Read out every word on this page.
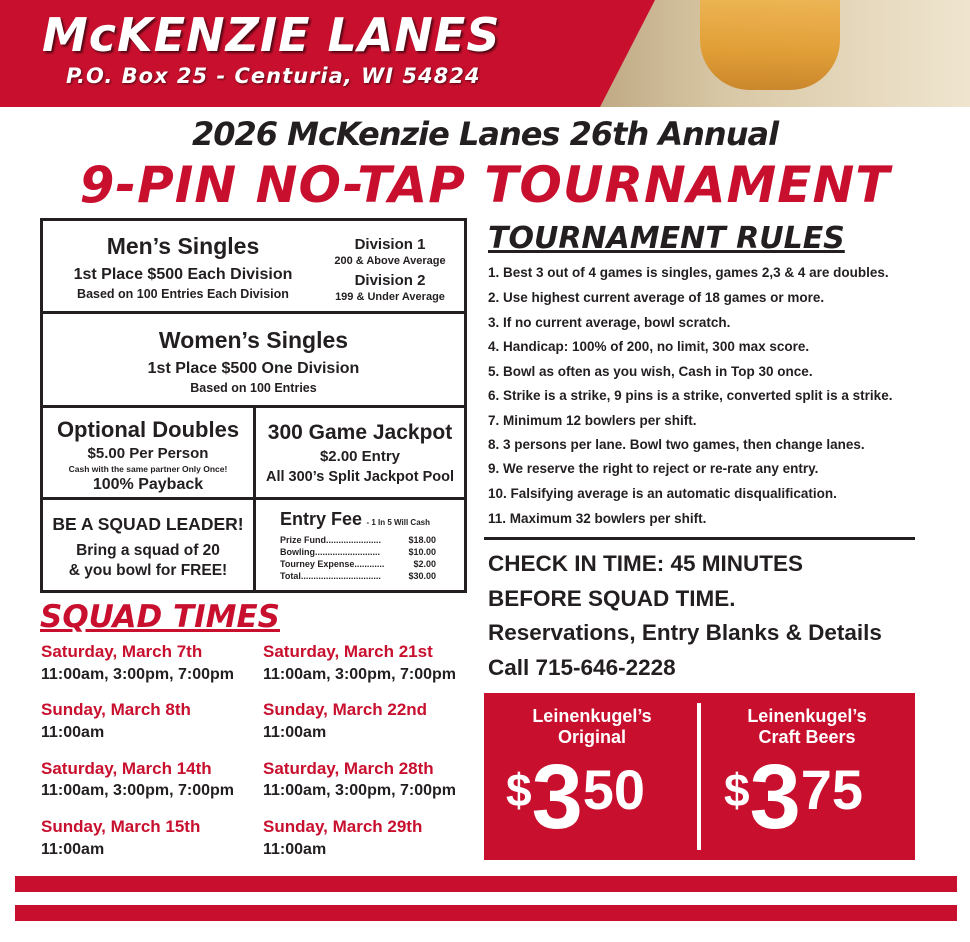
McKENZIE LANES
P.O. Box 25 - Centuria, WI 54824
2026 McKenzie Lanes 26th Annual
9-PIN NO-TAP TOURNAMENT
Men’s Singles
1st Place $500 Each Division
Based on 100 Entries Each Division
Division 1
200 & Above Average
Division 2
199 & Under Average
Women’s Singles
1st Place $500 One Division
Based on 100 Entries
Optional Doubles
$5.00 Per Person
Cash with the same partner Only Once!
100% Payback
300 Game Jackpot
$2.00 Entry
All 300’s Split Jackpot Pool
BE A SQUAD LEADER!
Bring a squad of 20
& you bowl for FREE!
Entry Fee - 1 In 5 Will Cash
Prize Fund......................	$18.00
Bowling..........................	$10.00
Tourney Expense............	$2.00
Total................................	$30.00
SQUAD TIMES
Saturday, March 7th
11:00am, 3:00pm, 7:00pm
Sunday, March 8th
11:00am
Saturday, March 14th
11:00am, 3:00pm, 7:00pm
Sunday, March 15th
11:00am
Saturday, March 21st
11:00am, 3:00pm, 7:00pm
Sunday, March 22nd
11:00am
Saturday, March 28th
11:00am, 3:00pm, 7:00pm
Sunday, March 29th
11:00am
TOURNAMENT RULES
1. Best 3 out of 4 games is singles, games 2,3 & 4 are doubles.
2. Use highest current average of 18 games or more.
3. If no current average, bowl scratch.
4. Handicap: 100% of 200, no limit, 300 max score.
5. Bowl as often as you wish, Cash in Top 30 once.
6. Strike is a strike, 9 pins is a strike, converted split is a strike.
7. Minimum 12 bowlers per shift.
8. 3 persons per lane. Bowl two games, then change lanes.
9. We reserve the right to reject or re-rate any entry.
10. Falsifying average is an automatic disqualification.
11. Maximum 32 bowlers per shift.
CHECK IN TIME: 45 MINUTES
BEFORE SQUAD TIME.
Reservations, Entry Blanks & Details
Call 715-646-2228
Leinenkugel’s
Original
$350
Leinenkugel’s
Craft Beers
$375
